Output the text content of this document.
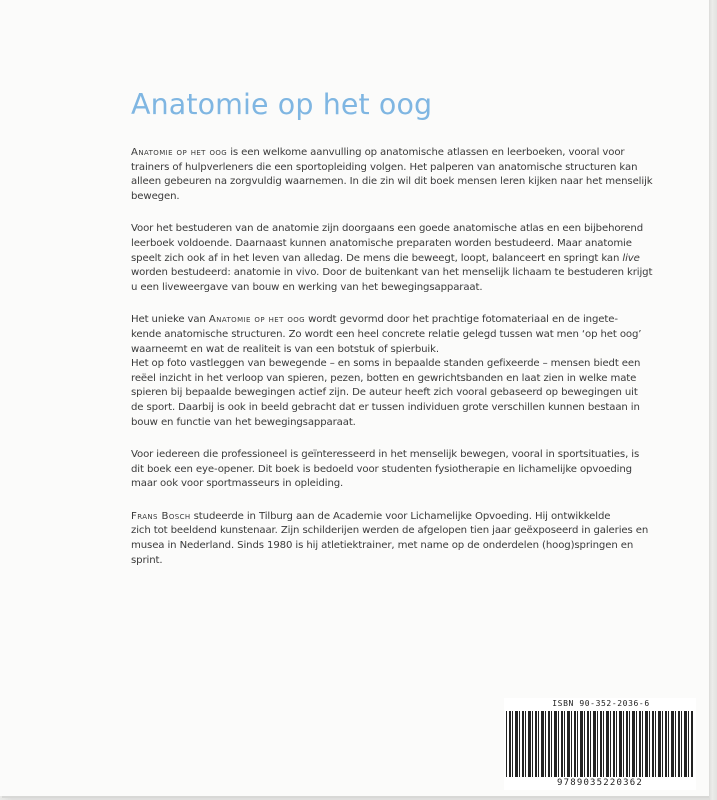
Anatomie op het oog

Anatomie op het oog is een welkome aanvulling op anatomische atlassen en leerboeken, vooral voor
trainers of hulpverleners die een sportopleiding volgen. Het palperen van anatomische structuren kan
alleen gebeuren na zorgvuldig waarnemen. In die zin wil dit boek mensen leren kijken naar het menselijk
bewegen.

Voor het bestuderen van de anatomie zijn doorgaans een goede anatomische atlas en een bijbehorend
leerboek voldoende. Daarnaast kunnen anatomische preparaten worden bestudeerd. Maar anatomie
speelt zich ook af in het leven van alledag. De mens die beweegt, loopt, balanceert en springt kan live
worden bestudeerd: anatomie in vivo. Door de buitenkant van het menselijk lichaam te bestuderen krijgt
u een liveweergave van bouw en werking van het bewegingsapparaat.

Het unieke van Anatomie op het oog wordt gevormd door het prachtige fotomateriaal en de ingete-
kende anatomische structuren. Zo wordt een heel concrete relatie gelegd tussen wat men ‘op het oog’
waarneemt en wat de realiteit is van een botstuk of spierbuik.
Het op foto vastleggen van bewegende – en soms in bepaalde standen gefixeerde – mensen biedt een
reëel inzicht in het verloop van spieren, pezen, botten en gewrichtsbanden en laat zien in welke mate
spieren bij bepaalde bewegingen actief zijn. De auteur heeft zich vooral gebaseerd op bewegingen uit
de sport. Daarbij is ook in beeld gebracht dat er tussen individuen grote verschillen kunnen bestaan in
bouw en functie van het bewegingsapparaat.

Voor iedereen die professioneel is geïnteresseerd in het menselijk bewegen, vooral in sportsituaties, is
dit boek een eye-opener. Dit boek is bedoeld voor studenten fysiotherapie en lichamelijke opvoeding
maar ook voor sportmasseurs in opleiding.

Frans Bosch studeerde in Tilburg aan de Academie voor Lichamelijke Opvoeding. Hij ontwikkelde
zich tot beeldend kunstenaar. Zijn schilderijen werden de afgelopen tien jaar geëxposeerd in galeries en
musea in Nederland. Sinds 1980 is hij atletiektrainer, met name op de onderdelen (hoog)springen en
sprint.

ISBN 90-352-2036-6
9789035220362
